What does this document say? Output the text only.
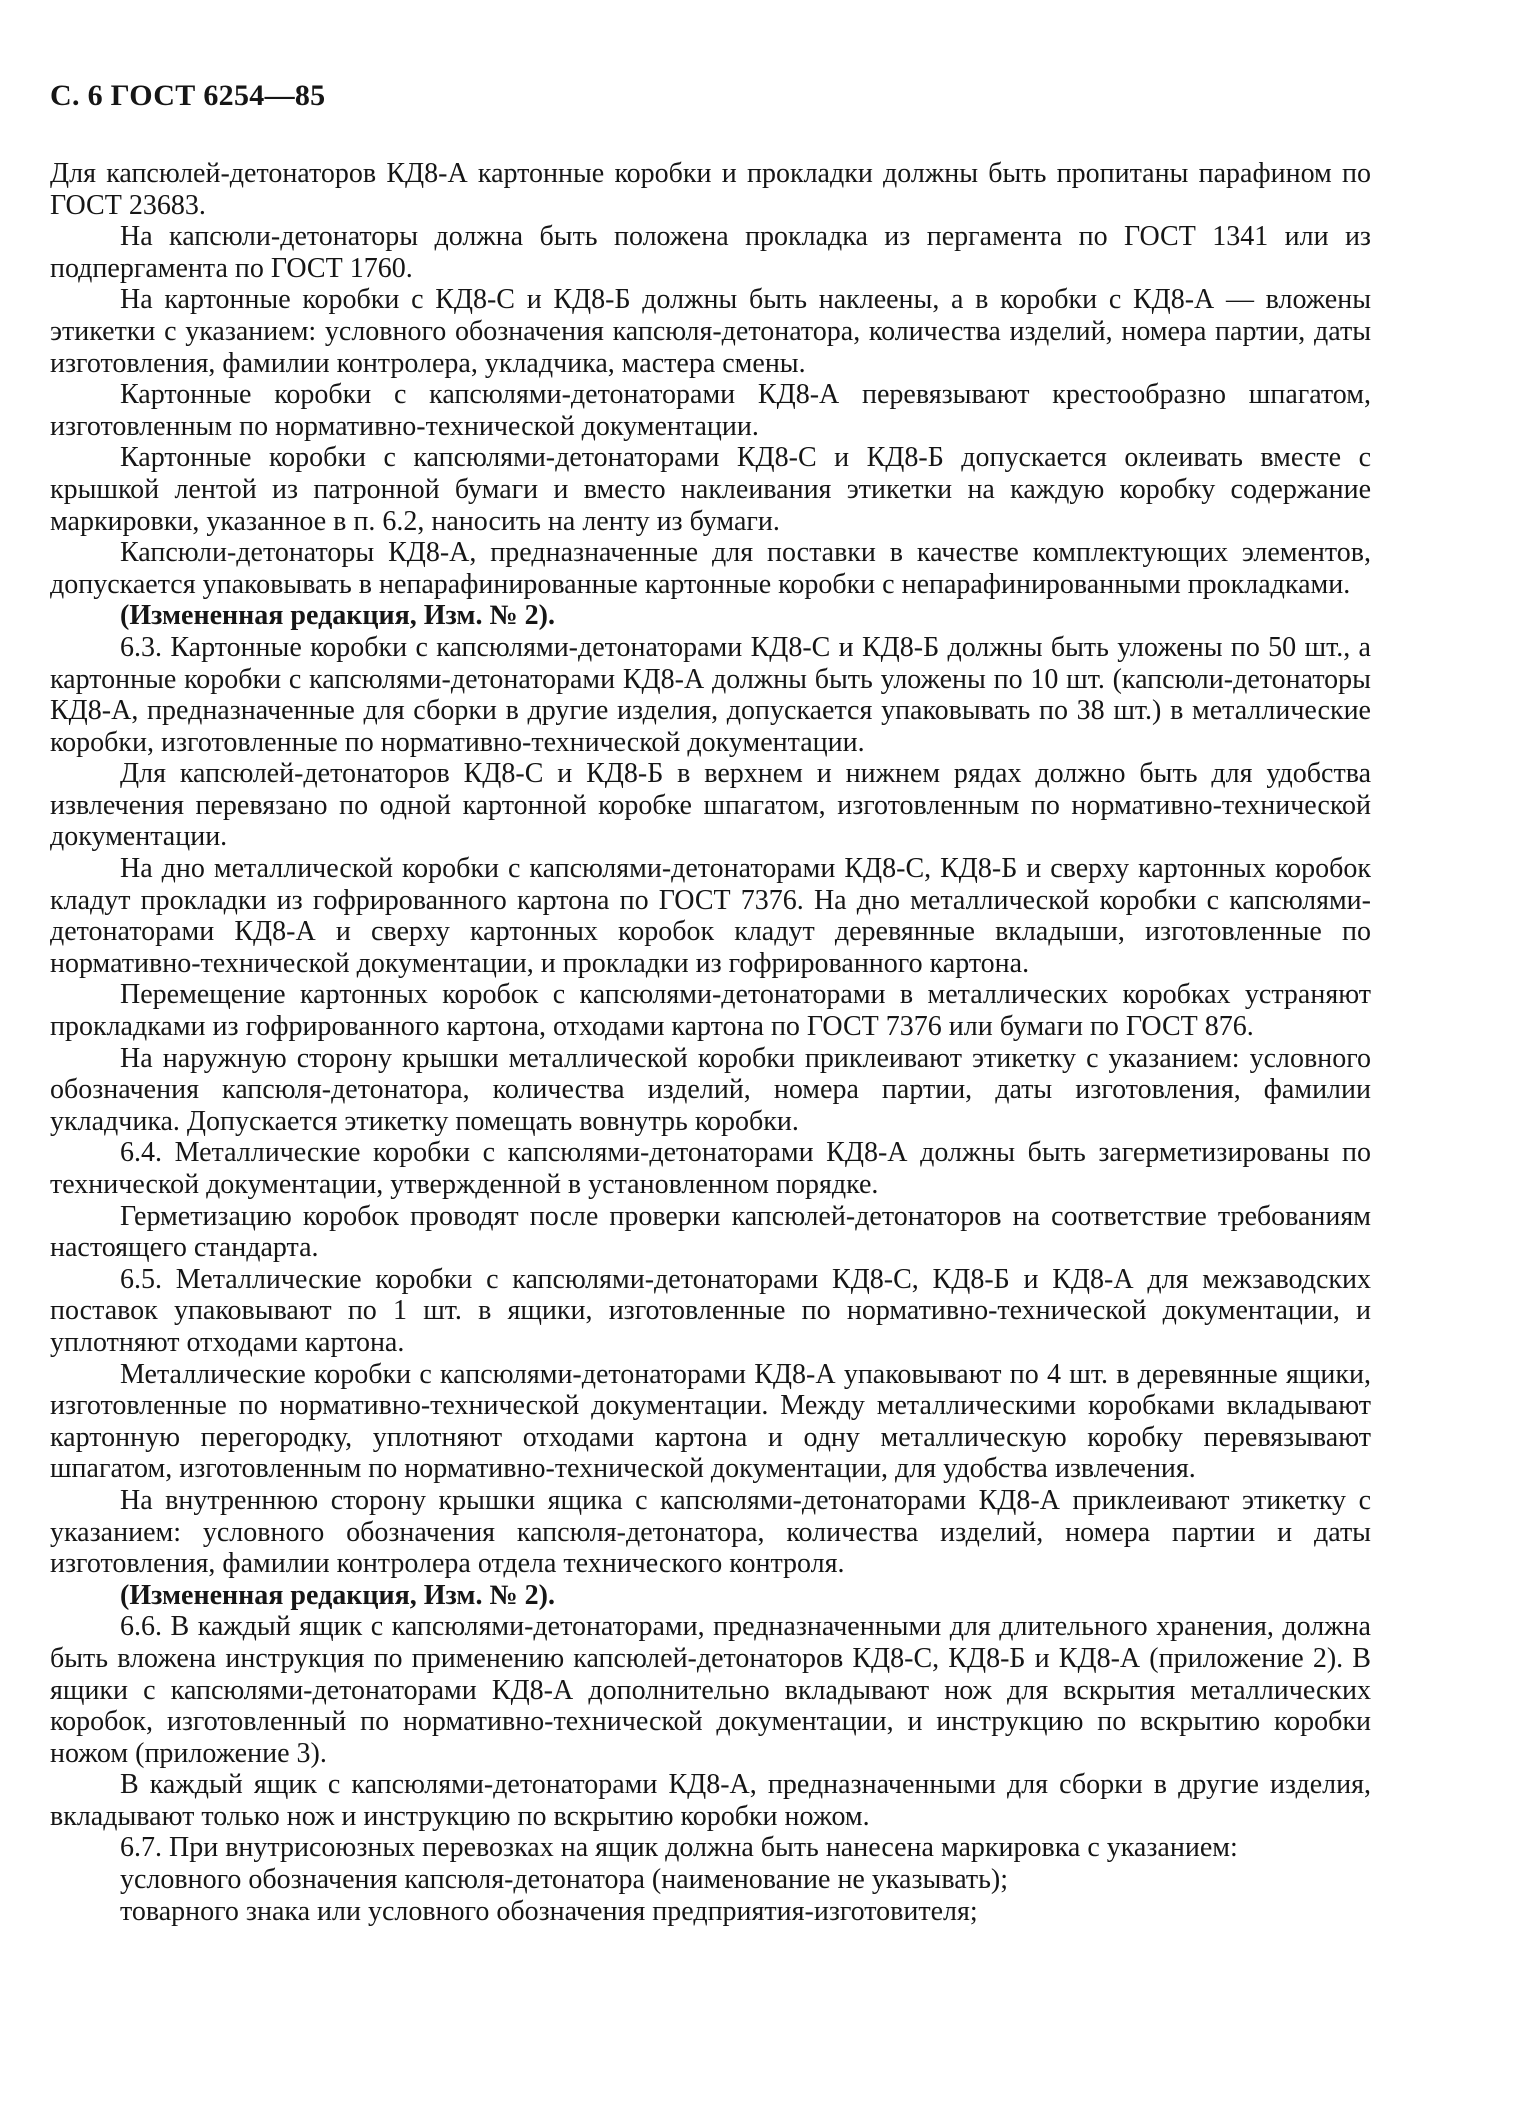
С. 6 ГОСТ 6254—85

Для капсюлей-детонаторов КД8-А картонные коробки и прокладки должны быть пропитаны парафином по ГОСТ 23683.

На капсюли-детонаторы должна быть положена прокладка из пергамента по ГОСТ 1341 или из подпергамента по ГОСТ 1760.

На картонные коробки с КД8-С и КД8-Б должны быть наклеены, а в коробки с КД8-А — вложены этикетки с указанием: условного обозначения капсюля-детонатора, количества изделий, номера партии, даты изготовления, фамилии контролера, укладчика, мастера смены.

Картонные коробки с капсюлями-детонаторами КД8-А перевязывают крестообразно шпагатом, изготовленным по нормативно-технической документации.

Картонные коробки с капсюлями-детонаторами КД8-С и КД8-Б допускается оклеивать вместе с крышкой лентой из патронной бумаги и вместо наклеивания этикетки на каждую коробку содержание маркировки, указанное в п. 6.2, наносить на ленту из бумаги.

Капсюли-детонаторы КД8-А, предназначенные для поставки в качестве комплектующих элементов, допускается упаковывать в непарафинированные картонные коробки с непарафинированными прокладками.

(Измененная редакция, Изм. № 2).

6.3. Картонные коробки с капсюлями-детонаторами КД8-С и КД8-Б должны быть уложены по 50 шт., а картонные коробки с капсюлями-детонаторами КД8-А должны быть уложены по 10 шт. (капсюли-детонаторы КД8-А, предназначенные для сборки в другие изделия, допускается упаковывать по 38 шт.) в металлические коробки, изготовленные по нормативно-технической документации.

Для капсюлей-детонаторов КД8-С и КД8-Б в верхнем и нижнем рядах должно быть для удобства извлечения перевязано по одной картонной коробке шпагатом, изготовленным по нормативно-технической документации.

На дно металлической коробки с капсюлями-детонаторами КД8-С, КД8-Б и сверху картонных коробок кладут прокладки из гофрированного картона по ГОСТ 7376. На дно металлической коробки с капсюлями-детонаторами КД8-А и сверху картонных коробок кладут деревянные вкладыши, изготовленные по нормативно-технической документации, и прокладки из гофрированного картона.

Перемещение картонных коробок с капсюлями-детонаторами в металлических коробках устраняют прокладками из гофрированного картона, отходами картона по ГОСТ 7376 или бумаги по ГОСТ 876.

На наружную сторону крышки металлической коробки приклеивают этикетку с указанием: условного обозначения капсюля-детонатора, количества изделий, номера партии, даты изготовления, фамилии укладчика. Допускается этикетку помещать вовнутрь коробки.

6.4. Металлические коробки с капсюлями-детонаторами КД8-А должны быть загерметизированы по технической документации, утвержденной в установленном порядке.

Герметизацию коробок проводят после проверки капсюлей-детонаторов на соответствие требованиям настоящего стандарта.

6.5. Металлические коробки с капсюлями-детонаторами КД8-С, КД8-Б и КД8-А для межзаводских поставок упаковывают по 1 шт. в ящики, изготовленные по нормативно-технической документации, и уплотняют отходами картона.

Металлические коробки с капсюлями-детонаторами КД8-А упаковывают по 4 шт. в деревянные ящики, изготовленные по нормативно-технической документации. Между металлическими коробками вкладывают картонную перегородку, уплотняют отходами картона и одну металлическую коробку перевязывают шпагатом, изготовленным по нормативно-технической документации, для удобства извлечения.

На внутреннюю сторону крышки ящика с капсюлями-детонаторами КД8-А приклеивают этикетку с указанием: условного обозначения капсюля-детонатора, количества изделий, номера партии и даты изготовления, фамилии контролера отдела технического контроля.

(Измененная редакция, Изм. № 2).

6.6. В каждый ящик с капсюлями-детонаторами, предназначенными для длительного хранения, должна быть вложена инструкция по применению капсюлей-детонаторов КД8-С, КД8-Б и КД8-А (приложение 2). В ящики с капсюлями-детонаторами КД8-А дополнительно вкладывают нож для вскрытия металлических коробок, изготовленный по нормативно-технической документации, и инструкцию по вскрытию коробки ножом (приложение 3).

В каждый ящик с капсюлями-детонаторами КД8-А, предназначенными для сборки в другие изделия, вкладывают только нож и инструкцию по вскрытию коробки ножом.

6.7. При внутрисоюзных перевозках на ящик должна быть нанесена маркировка с указанием:

условного обозначения капсюля-детонатора (наименование не указывать);

товарного знака или условного обозначения предприятия-изготовителя;
